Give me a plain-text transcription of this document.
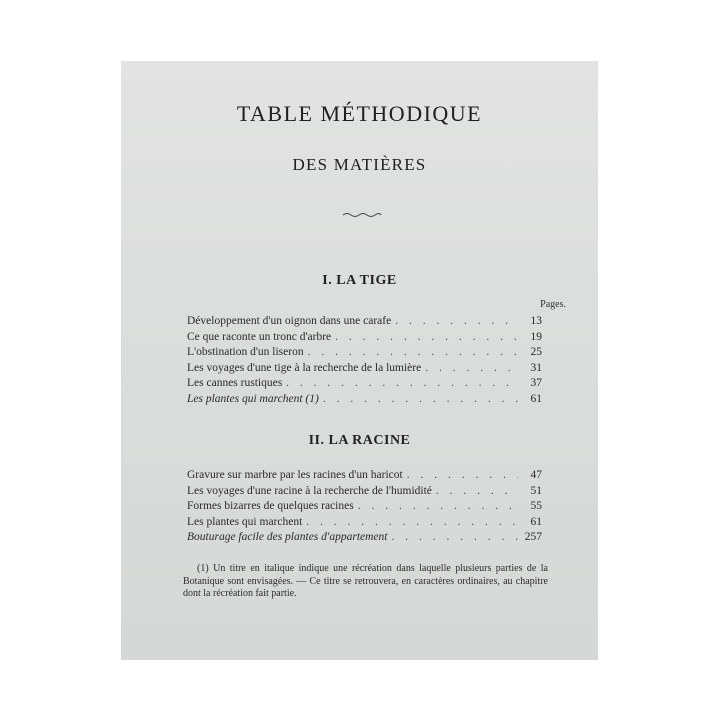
TABLE MÉTHODIQUE
DES MATIÈRES
I. LA TIGE
Pages.
Développement d'un oignon dans une carafe . . .	13
Ce que raconte un tronc d'arbre . . .	19
L'obstination d'un liseron . . .	25
Les voyages d'une tige à la recherche de la lumière . . .	31
Les cannes rustiques . . .	37
Les plantes qui marchent (1) . . .	61
II. LA RACINE
Gravure sur marbre par les racines d'un haricot . . .	47
Les voyages d'une racine à la recherche de l'humidité . . .	51
Formes bizarres de quelques racines . . .	55
Les plantes qui marchent . . .	61
Bouturage facile des plantes d'appartement . . .	257
(1) Un titre en italique indique une récréation dans laquelle plusieurs parties de la Botanique sont envisagées. — Ce titre se retrouvera, en caractères ordinaires, au chapitre dont la récréation fait partie.
